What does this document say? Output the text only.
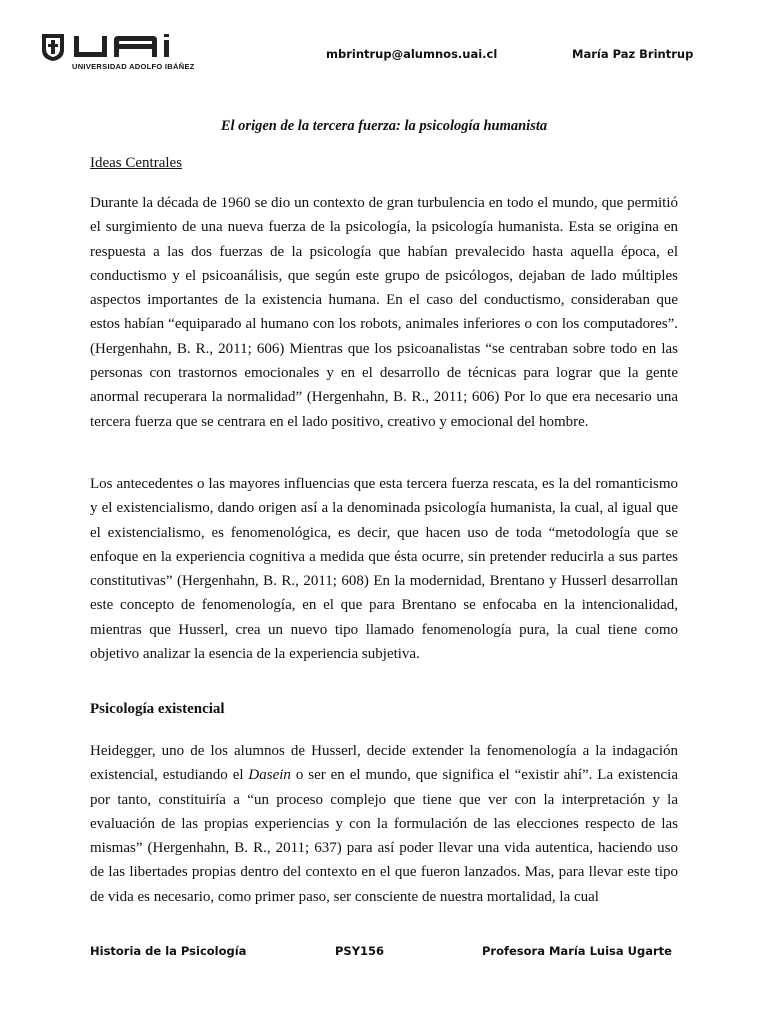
UNIVERSIDAD ADOLFO IBÁÑEZ
mbrintrup@alumnos.uai.cl	María Paz Brintrup
El origen de la tercera fuerza: la psicología humanista
Ideas Centrales

Durante la década de 1960 se dio un contexto de gran turbulencia en todo el mundo, que permitió el surgimiento de una nueva fuerza de la psicología, la psicología humanista. Esta se origina en respuesta a las dos fuerzas de la psicología que habían prevalecido hasta aquella época, el conductismo y el psicoanálisis, que según este grupo de psicólogos, dejaban de lado múltiples aspectos importantes de la existencia humana. En el caso del conductismo, consideraban que estos habían “equiparado al humano con los robots, animales inferiores o con los computadores”. (Hergenhahn, B. R., 2011; 606) Mientras que los psicoanalistas “se centraban sobre todo en las personas con trastornos emocionales y en el desarrollo de técnicas para lograr que la gente anormal recuperara la normalidad” (Hergenhahn, B. R., 2011; 606) Por lo que era necesario una tercera fuerza que se centrara en el lado positivo, creativo y emocional del hombre.

Los antecedentes o las mayores influencias que esta tercera fuerza rescata, es la del romanticismo y el existencialismo, dando origen así a la denominada psicología humanista, la cual, al igual que el existencialismo, es fenomenológica, es decir, que hacen uso de toda “metodología que se enfoque en la experiencia cognitiva a medida que ésta ocurre, sin pretender reducirla a sus partes constitutivas” (Hergenhahn, B. R., 2011; 608) En la modernidad, Brentano y Husserl desarrollan este concepto de fenomenología, en el que para Brentano se enfocaba en la intencionalidad, mientras que Husserl, crea un nuevo tipo llamado fenomenología pura, la cual tiene como objetivo analizar la esencia de la experiencia subjetiva.

Psicología existencial

Heidegger, uno de los alumnos de Husserl, decide extender la fenomenología a la indagación existencial, estudiando el Dasein o ser en el mundo, que significa el “existir ahí”. La existencia por tanto, constituiría a “un proceso complejo que tiene que ver con la interpretación y la evaluación de las propias experiencias y con la formulación de las elecciones respecto de las mismas” (Hergenhahn, B. R., 2011; 637) para así poder llevar una vida autentica, haciendo uso de las libertades propias dentro del contexto en el que fueron lanzados. Mas, para llevar este tipo de vida es necesario, como primer paso, ser consciente de nuestra mortalidad, la cual

Historia de la Psicología	PSY156	Profesora María Luisa Ugarte
